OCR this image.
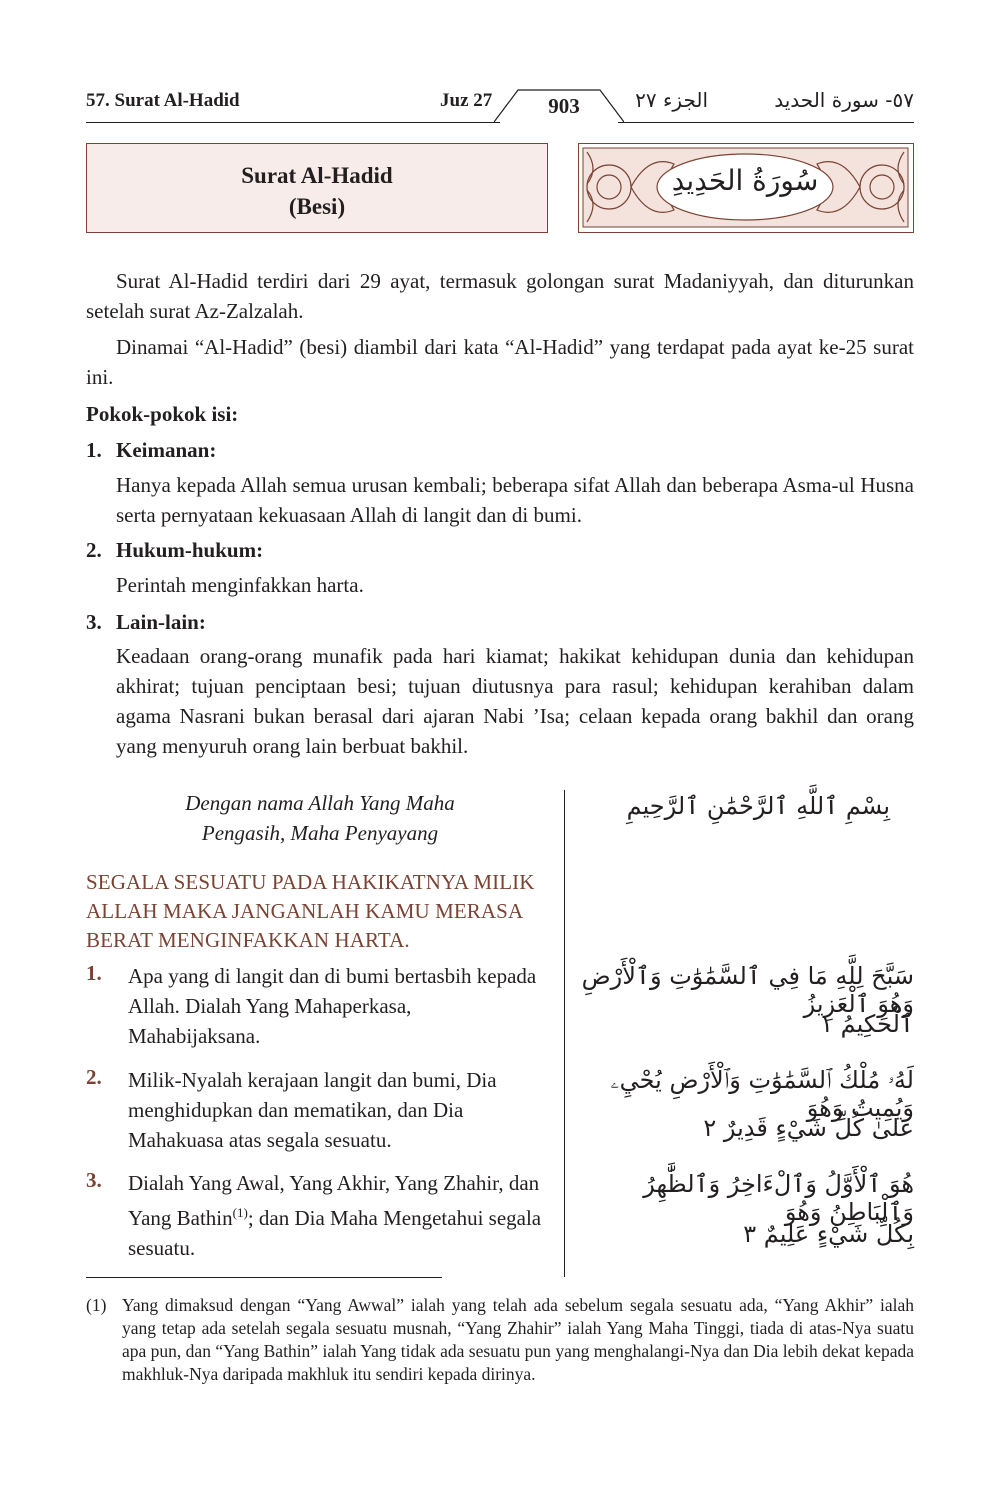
57. Surat Al-Hadid	Juz 27	903	الجزء ٢٧	٥٧- سورة الحديد
Surat Al-Hadid
(Besi)
سُورَةُ الحَدِيدِ
Surat Al-Hadid terdiri dari 29 ayat, termasuk golongan surat Madaniyyah, dan diturunkan setelah surat Az-Zalzalah.
Dinamai “Al-Hadid” (besi) diambil dari kata “Al-Hadid” yang terdapat pada ayat ke-25 surat ini.
Pokok-pokok isi:
1. Keimanan:
Hanya kepada Allah semua urusan kembali; beberapa sifat Allah dan beberapa Asma-ul Husna serta pernyataan kekuasaan Allah di langit dan di bumi.
2. Hukum-hukum:
Perintah menginfakkan harta.
3. Lain-lain:
Keadaan orang-orang munafik pada hari kiamat; hakikat kehidupan dunia dan kehidupan akhirat; tujuan penciptaan besi; tujuan diutusnya para rasul; kehidupan kerahiban dalam agama Nasrani bukan berasal dari ajaran Nabi ’Isa; celaan kepada orang bakhil dan orang yang menyuruh orang lain berbuat bakhil.
Dengan nama Allah Yang Maha Pengasih, Maha Penyayang
بِسْمِ ٱللَّهِ ٱلرَّحْمَٰنِ ٱلرَّحِيمِ
SEGALA SESUATU PADA HAKIKATNYA MILIK ALLAH MAKA JANGANLAH KAMU MERASA BERAT MENGINFAKKAN HARTA.
1. Apa yang di langit dan di bumi bertasbih kepada Allah. Dialah Yang Mahaperkasa, Mahabijaksana.
سَبَّحَ لِلَّهِ مَا فِي ٱلسَّمَٰوَٰتِ وَٱلْأَرْضِ وَهُوَ ٱلْعَزِيزُ
ٱلْحَكِيمُ ١
2. Milik-Nyalah kerajaan langit dan bumi, Dia menghidupkan dan mematikan, dan Dia Mahakuasa atas segala sesuatu.
لَهُۥ مُلْكُ ٱلسَّمَٰوَٰتِ وَٱلْأَرْضِ يُحْيِۦ وَيُمِيتُ وَهُوَ
عَلَىٰ كُلِّ شَيْءٍ قَدِيرٌ ٢
3. Dialah Yang Awal, Yang Akhir, Yang Zhahir, dan Yang Bathin$^{(1)}$; dan Dia Maha Mengetahui segala sesuatu.
هُوَ ٱلْأَوَّلُ وَٱلْءَاخِرُ وَٱلظَّٰهِرُ وَٱلْبَاطِنُ وَهُوَ
بِكُلِّ شَيْءٍ عَلِيمٌ ٣
(1) Yang dimaksud dengan “Yang Awwal” ialah yang telah ada sebelum segala sesuatu ada, “Yang Akhir” ialah yang tetap ada setelah segala sesuatu musnah, “Yang Zhahir” ialah Yang Maha Tinggi, tiada di atas-Nya suatu apa pun, dan “Yang Bathin” ialah Yang tidak ada sesuatu pun yang menghalangi-Nya dan Dia lebih dekat kepada makhluk-Nya daripada makhluk itu sendiri kepada dirinya.
